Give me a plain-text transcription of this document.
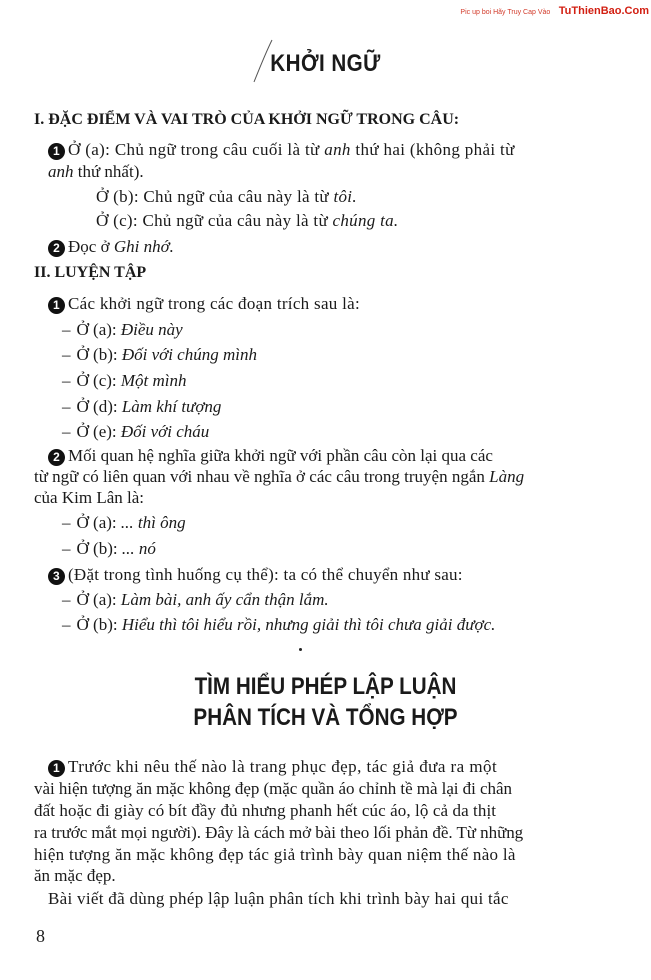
Pic up boi Hãy Truy Cap Vào TuThienBao.Com
KHỞI NGỮ
I. ĐẶC ĐIỂM VÀ VAI TRÒ CỦA KHỞI NGỮ TRONG CÂU:
1 Ở (a): Chủ ngữ trong câu cuối là từ anh thứ hai (không phải từ
anh thứ nhất).
Ở (b): Chủ ngữ của câu này là từ tôi.
Ở (c): Chủ ngữ của câu này là từ chúng ta.
2 Đọc ở Ghi nhớ.
II. LUYỆN TẬP
1 Các khởi ngữ trong các đoạn trích sau là:
– Ở (a): Điều này
– Ở (b): Đối với chúng mình
– Ở (c): Một mình
– Ở (d): Làm khí tượng
– Ở (e): Đối với cháu
2 Mối quan hệ nghĩa giữa khởi ngữ với phần câu còn lại qua các
từ ngữ có liên quan với nhau về nghĩa ở các câu trong truyện ngắn Làng
của Kim Lân là:
– Ở (a): ... thì ông
– Ở (b): ... nó
3 (Đặt trong tình huống cụ thể): ta có thể chuyển như sau:
– Ở (a): Làm bài, anh ấy cẩn thận lắm.
– Ở (b): Hiểu thì tôi hiểu rồi, nhưng giải thì tôi chưa giải được.
TÌM HIỂU PHÉP LẬP LUẬN
PHÂN TÍCH VÀ TỔNG HỢP
1 Trước khi nêu thế nào là trang phục đẹp, tác giả đưa ra một
vài hiện tượng ăn mặc không đẹp (mặc quần áo chỉnh tề mà lại đi chân
đất hoặc đi giày có bít đầy đủ nhưng phanh hết cúc áo, lộ cả da thịt
ra trước mắt mọi người). Đây là cách mở bài theo lối phản đề. Từ những
hiện tượng ăn mặc không đẹp tác giả trình bày quan niệm thế nào là
ăn mặc đẹp.
Bài viết đã dùng phép lập luận phân tích khi trình bày hai qui tắc
8
